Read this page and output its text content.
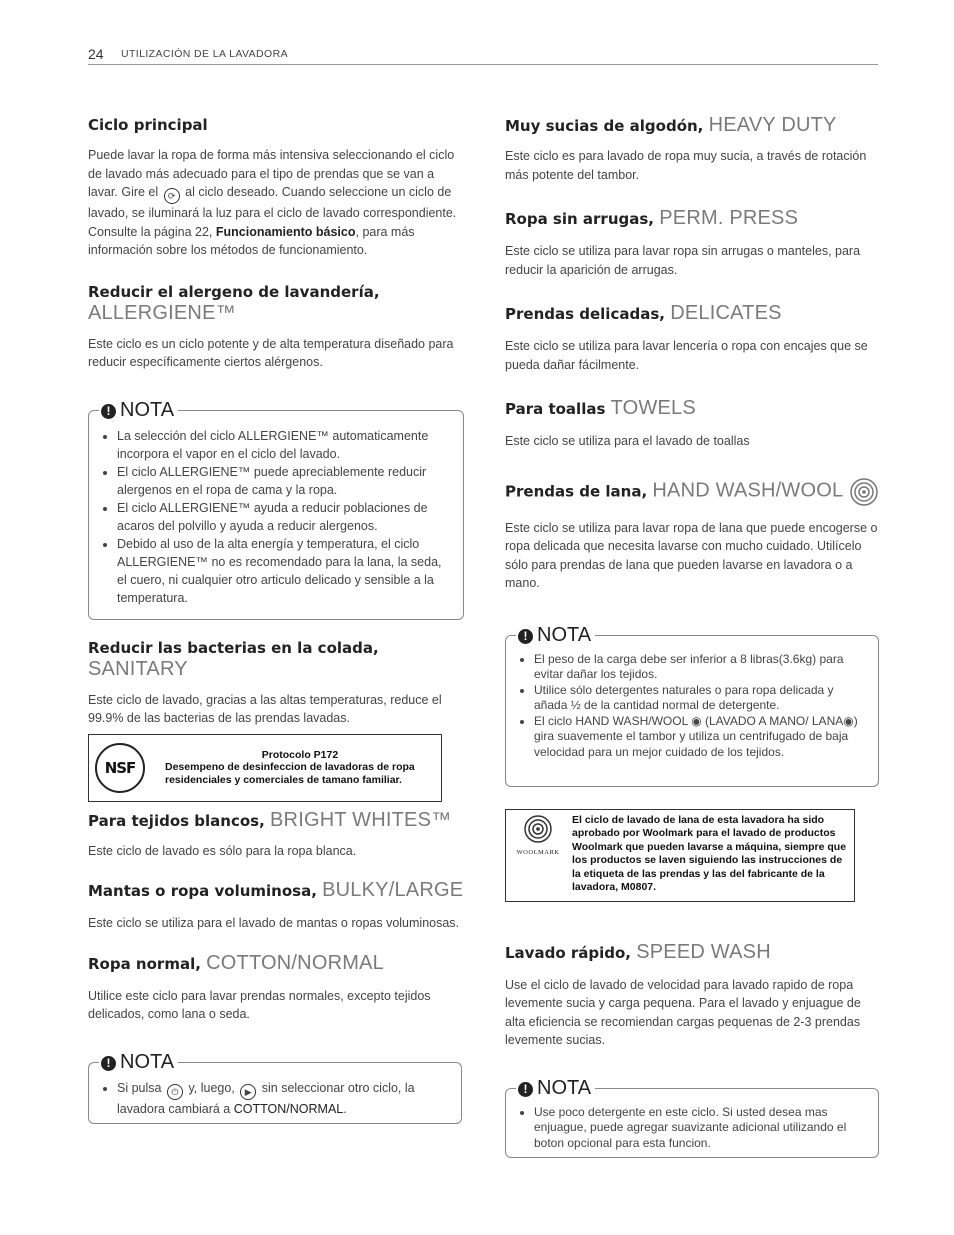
24 UTILIZACIÓN DE LA LAVADORA
Ciclo principal

Puede lavar la ropa de forma más intensiva seleccionando el ciclo de lavado más adecuado para el tipo de prendas que se van a lavar. Gire el ⟳ al ciclo deseado. Cuando seleccione un ciclo de lavado, se iluminará la luz para el ciclo de lavado correspondiente. Consulte la página 22, Funcionamiento básico, para más información sobre los métodos de funcionamiento.

Reducir el alergeno de lavandería,
ALLERGIENE™

Este ciclo es un ciclo potente y de alta temperatura diseñado para reducir específicamente ciertos alérgenos.

! NOTA
• La selección del ciclo ALLERGIENE™ automaticamente incorpora el vapor en el ciclo del lavado.
• El ciclo ALLERGIENE™ puede apreciablemente reducir alergenos en el ropa de cama y la ropa.
• El ciclo ALLERGIENE™ ayuda a reducir poblaciones de acaros del polvillo y ayuda a reducir alergenos.
• Debido al uso de la alta energía y temperatura, el ciclo ALLERGIENE™ no es recomendado para la lana, la seda, el cuero, ni cualquier otro articulo delicado y sensible a la temperatura.
Reducir las bacterias en la colada, SANITARY

Este ciclo de lavado, gracias a las altas temperaturas, reduce el 99.9% de las bacterias de las prendas lavadas.

NSF
Protocolo P172
Desempeno de desinfeccion de lavadoras de ropa residenciales y comerciales de tamano familiar.
Para tejidos blancos, BRIGHT WHITES™

Este ciclo de lavado es sólo para la ropa blanca.

Mantas o ropa voluminosa, BULKY/LARGE

Este ciclo se utiliza para el lavado de mantas o ropas voluminosas.

Ropa normal, COTTON/NORMAL

Utilice este ciclo para lavar prendas normales, excepto tejidos delicados, como lana o seda.

! NOTA
• Si pulsa ⏻ y, luego, ▶ sin seleccionar otro ciclo, la lavadora cambiará a COTTON/NORMAL.
Muy sucias de algodón, HEAVY DUTY

Este ciclo es para lavado de ropa muy sucia, a través de rotación más potente del tambor.

Ropa sin arrugas, PERM. PRESS

Este ciclo se utiliza para lavar ropa sin arrugas o manteles, para reducir la aparición de arrugas.

Prendas delicadas, DELICATES

Este ciclo se utiliza para lavar lencería o ropa con encajes que se pueda dañar fácilmente.

Para toallas TOWELS

Este ciclo se utiliza para el lavado de toallas

Prendas de lana, HAND WASH/WOOL

Este ciclo se utiliza para lavar ropa de lana que puede encogerse o ropa delicada que necesita lavarse con mucho cuidado. Utilícelo sólo para prendas de lana que pueden lavarse en lavadora o a mano.

! NOTA
• El peso de la carga debe ser inferior a 8 libras(3.6kg) para evitar dañar los tejidos.
• Utilice sólo detergentes naturales o para ropa delicada y añada ½ de la cantidad normal de detergente.
• El ciclo HAND WASH/WOOL ◉ (LAVADO A MANO/ LANA◉) gira suavemente el tambor y utiliza un centrifugado de baja velocidad para un mejor cuidado de los tejidos.
WOOLMARK
El ciclo de lavado de lana de esta lavadora ha sido aprobado por Woolmark para el lavado de productos Woolmark que pueden lavarse a máquina, siempre que los productos se laven siguiendo las instrucciones de la etiqueta de las prendas y las del fabricante de la lavadora, M0807.
Lavado rápido, SPEED WASH

Use el ciclo de lavado de velocidad para lavado rapido de ropa levemente sucia y carga pequena. Para el lavado y enjuague de alta eficiencia se recomiendan cargas pequenas de 2-3 prendas levemente sucias.

! NOTA
• Use poco detergente en este ciclo. Si usted desea mas enjuague, puede agregar suavizante adicional utilizando el boton opcional para esta funcion.
